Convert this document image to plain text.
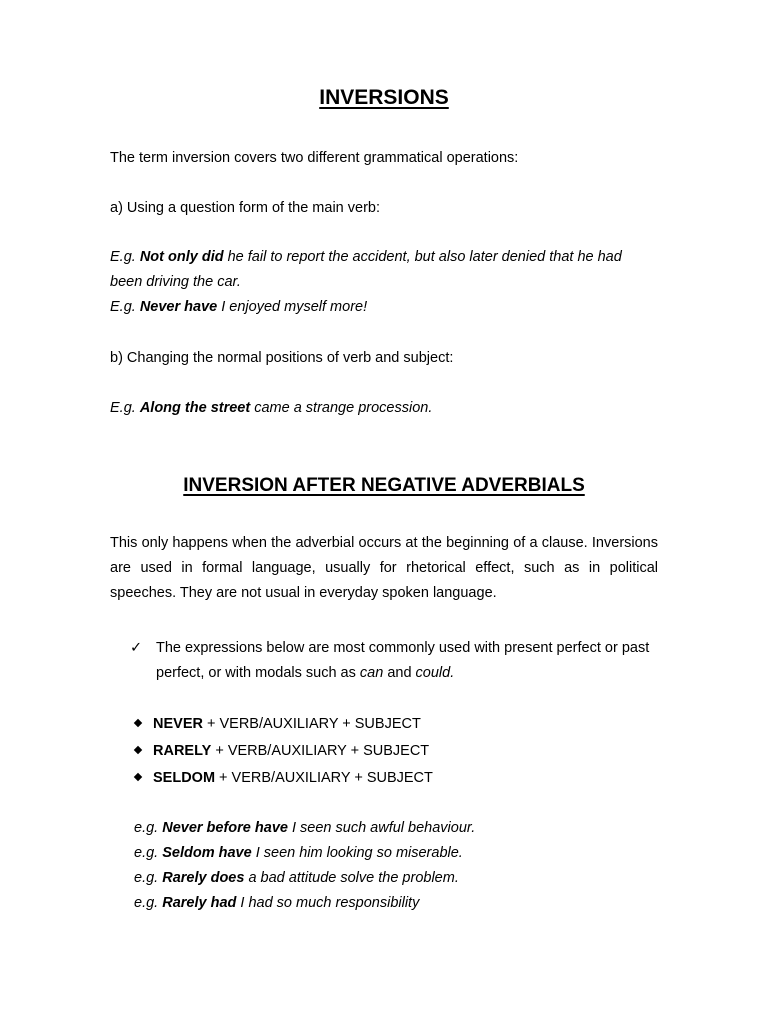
INVERSIONS
The term inversion covers two different grammatical operations:
a) Using a question form of the main verb:
E.g. Not only did he fail to report the accident, but also later denied that he had
been driving the car.
E.g. Never have I enjoyed myself more!
b) Changing the normal positions of verb and subject:
E.g. Along the street came a strange procession.
INVERSION AFTER NEGATIVE ADVERBIALS
This only happens when the adverbial occurs at the beginning of a clause. Inversions are used in formal language, usually for rhetorical effect, such as in political speeches. They are not usual in everyday spoken language.
✓ The expressions below are most commonly used with present perfect or past perfect, or with modals such as can and could.
NEVER + VERB/AUXILIARY + SUBJECT
RARELY + VERB/AUXILIARY + SUBJECT
SELDOM + VERB/AUXILIARY + SUBJECT
e.g. Never before have I seen such awful behaviour.
e.g. Seldom have I seen him looking so miserable.
e.g. Rarely does a bad attitude solve the problem.
e.g. Rarely had I had so much responsibility
